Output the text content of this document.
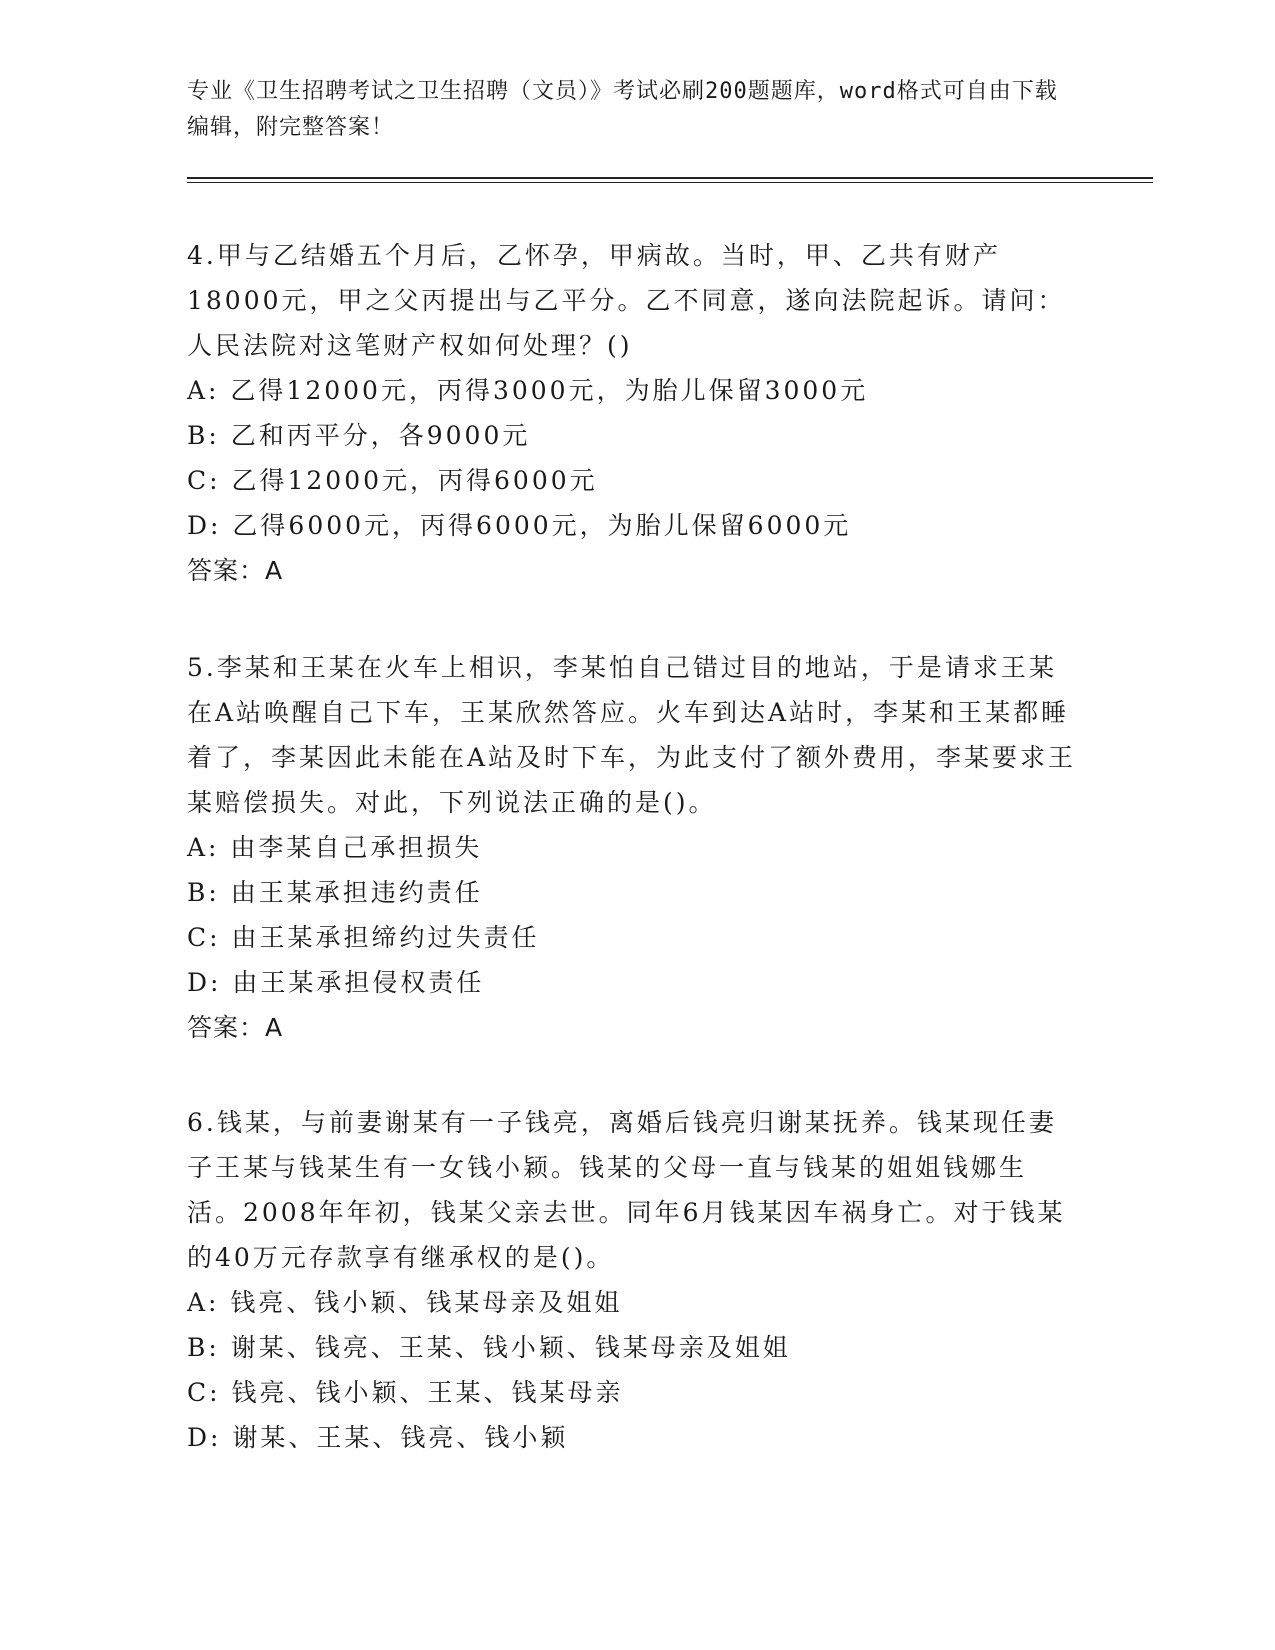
专业《卫生招聘考试之卫生招聘（文员）》考试必刷200题题库，word格式可自由下载编辑，附完整答案！

4.甲与乙结婚五个月后，乙怀孕，甲病故。当时，甲、乙共有财产18000元，甲之父丙提出与乙平分。乙不同意，遂向法院起诉。请问：人民法院对这笔财产权如何处理？()

A: 乙得12000元，丙得3000元，为胎儿保留3000元

B: 乙和丙平分，各9000元

C: 乙得12000元，丙得6000元

D: 乙得6000元，丙得6000元，为胎儿保留6000元

答案：A

5.李某和王某在火车上相识，李某怕自己错过目的地站，于是请求王某在A站唤醒自己下车，王某欣然答应。火车到达A站时，李某和王某都睡着了，李某因此未能在A站及时下车，为此支付了额外费用，李某要求王某赔偿损失。对此，下列说法正确的是()。

A: 由李某自己承担损失

B: 由王某承担违约责任

C: 由王某承担缔约过失责任

D: 由王某承担侵权责任

答案：A

6.钱某，与前妻谢某有一子钱亮，离婚后钱亮归谢某抚养。钱某现任妻子王某与钱某生有一女钱小颖。钱某的父母一直与钱某的姐姐钱娜生活。2008年年初，钱某父亲去世。同年6月钱某因车祸身亡。对于钱某的40万元存款享有继承权的是()。

A: 钱亮、钱小颖、钱某母亲及姐姐

B: 谢某、钱亮、王某、钱小颖、钱某母亲及姐姐

C: 钱亮、钱小颖、王某、钱某母亲

D: 谢某、王某、钱亮、钱小颖
